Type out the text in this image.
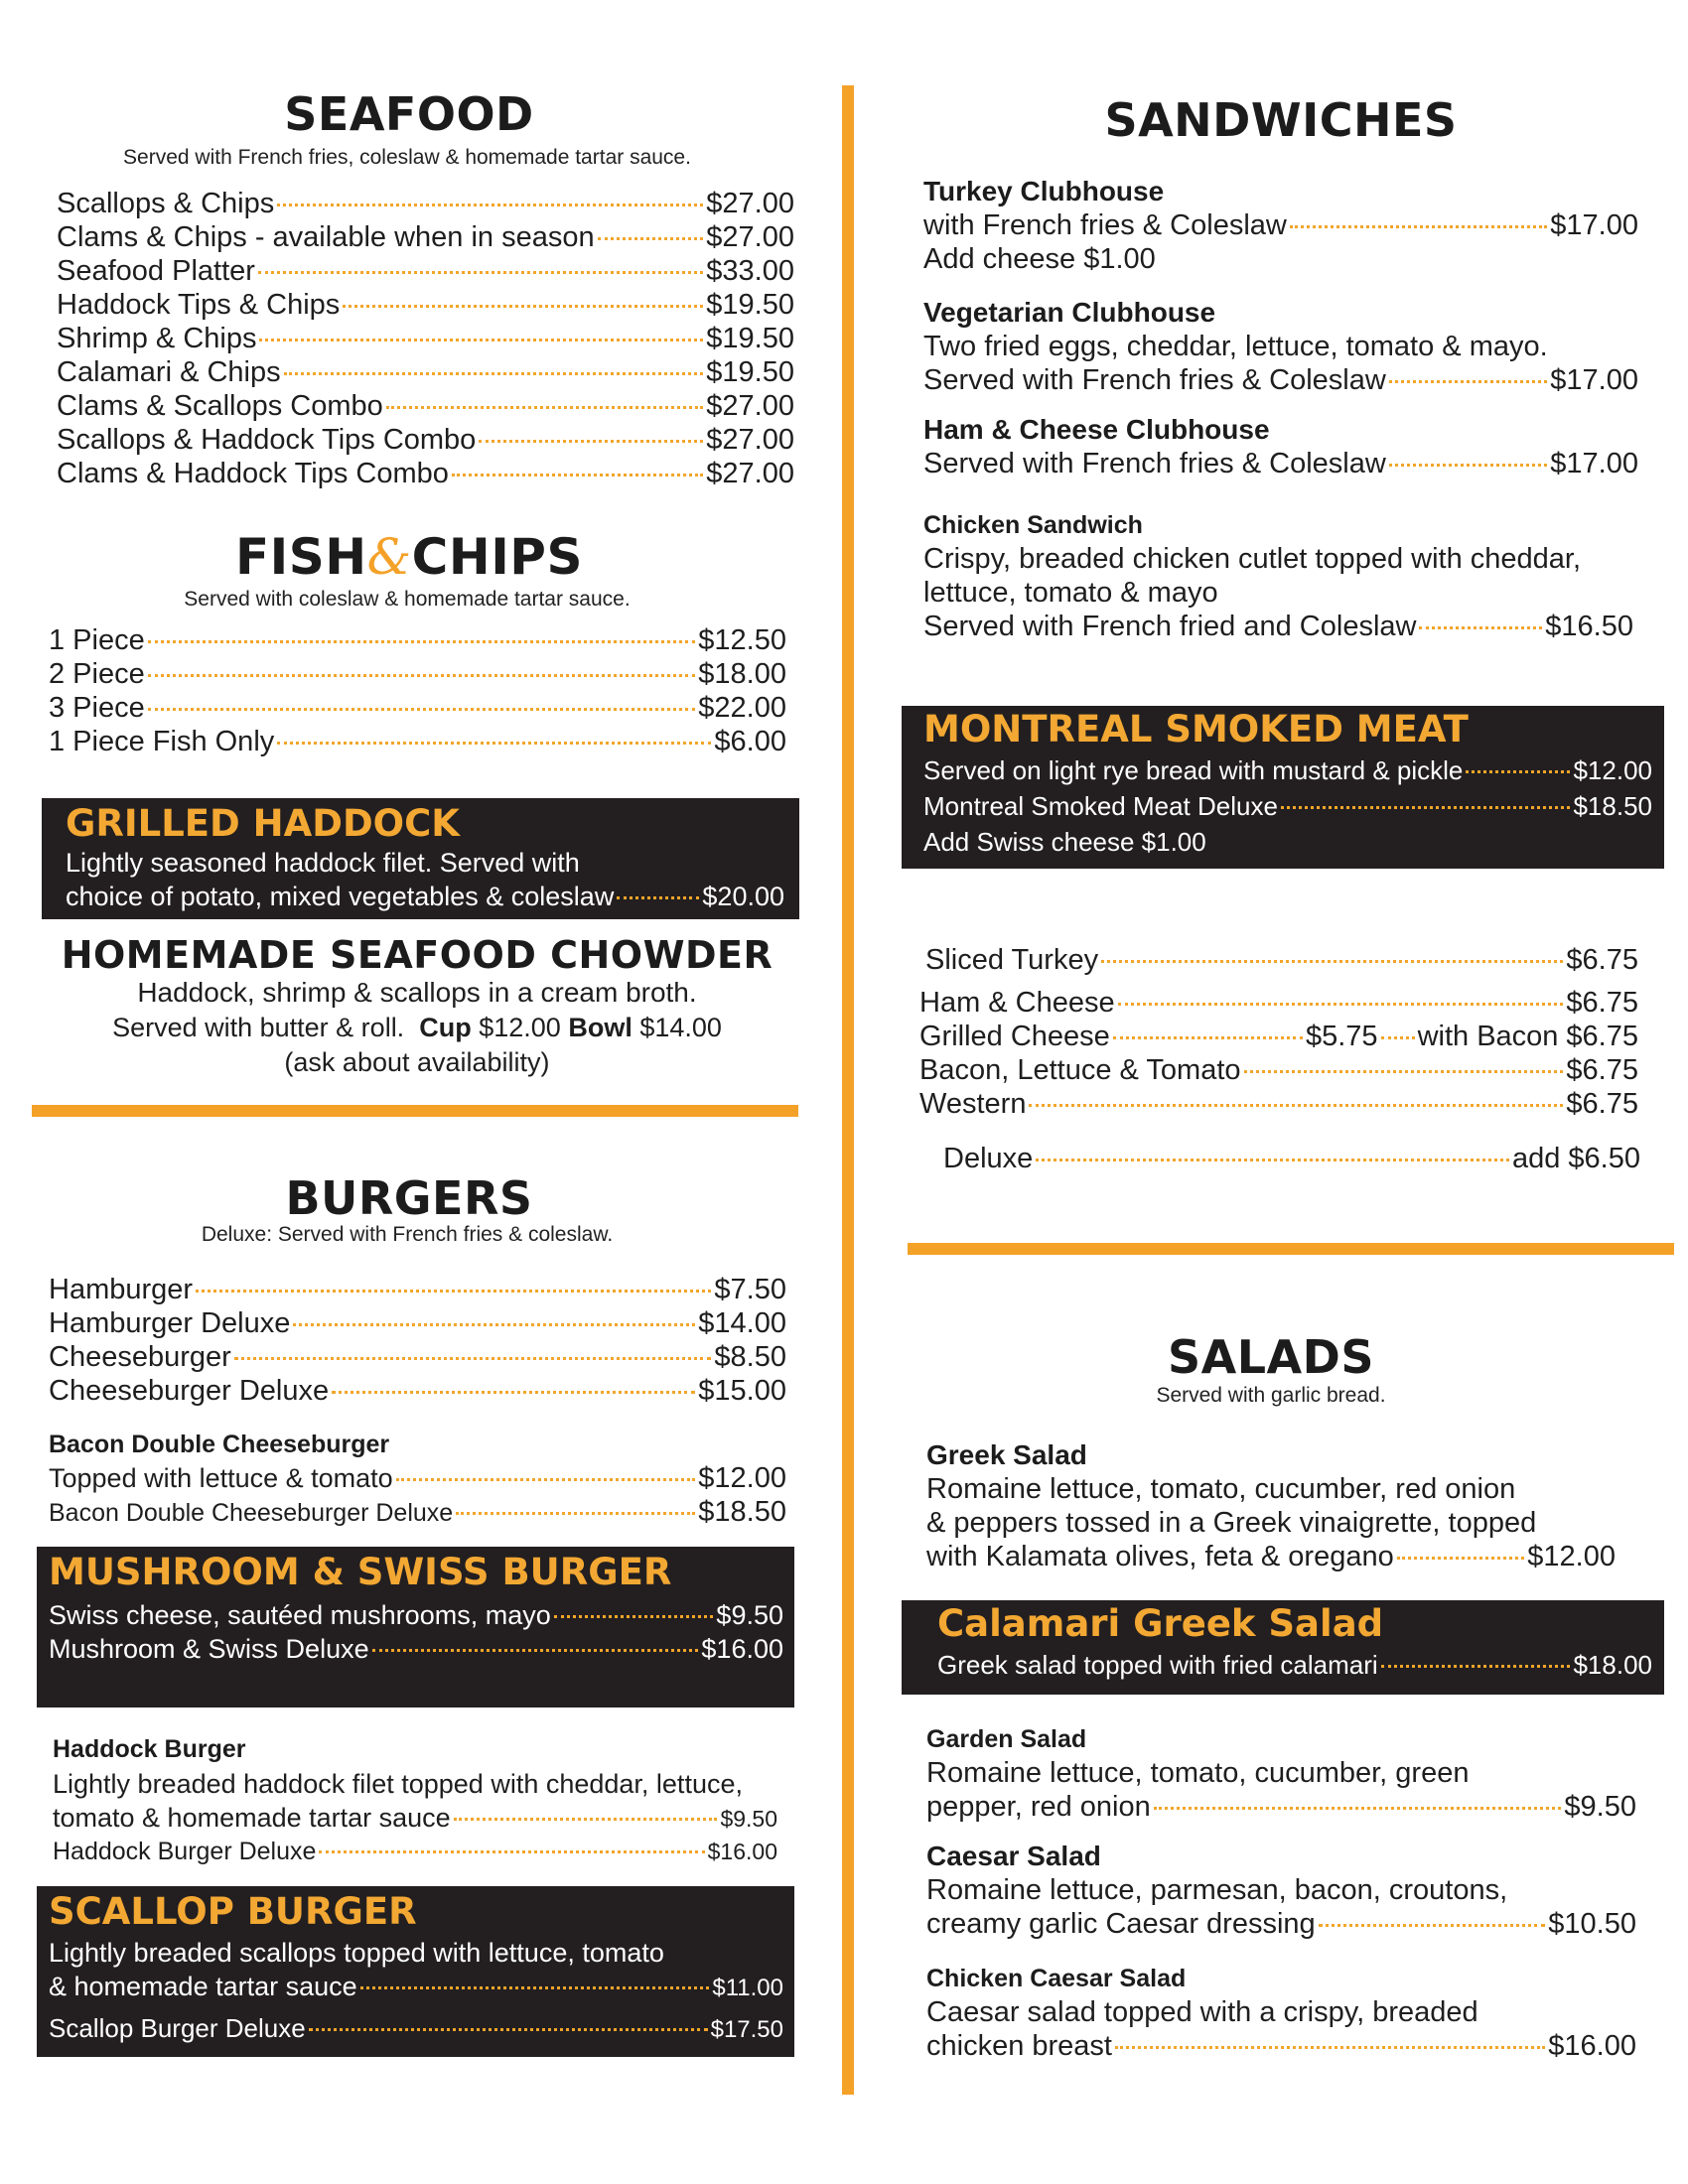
SEAFOOD
Served with French fries, coleslaw & homemade tartar sauce.
Scallops & Chips	$27.00
Clams & Chips - available when in season	$27.00
Seafood Platter	$33.00
Haddock Tips & Chips	$19.50
Shrimp & Chips	$19.50
Calamari & Chips	$19.50
Clams & Scallops Combo	$27.00
Scallops & Haddock Tips Combo	$27.00
Clams & Haddock Tips Combo	$27.00
FISH&CHIPS
Served with coleslaw & homemade tartar sauce.
1 Piece	$12.50
2 Piece	$18.00
3 Piece	$22.00
1 Piece Fish Only	$6.00
GRILLED HADDOCK
Lightly seasoned haddock filet. Served with
choice of potato, mixed vegetables & coleslaw	$20.00
HOMEMADE SEAFOOD CHOWDER
Haddock, shrimp & scallops in a cream broth.
Served with butter & roll. Cup $12.00 Bowl $14.00
(ask about availability)
BURGERS
Deluxe: Served with French fries & coleslaw.
Hamburger	$7.50
Hamburger Deluxe	$14.00
Cheeseburger	$8.50
Cheeseburger Deluxe	$15.00
Bacon Double Cheeseburger
Topped with lettuce & tomato	$12.00
Bacon Double Cheeseburger Deluxe	$18.50
MUSHROOM & SWISS BURGER
Swiss cheese, sautéed mushrooms, mayo	$9.50
Mushroom & Swiss Deluxe	$16.00
Haddock Burger
Lightly breaded haddock filet topped with cheddar, lettuce,
tomato & homemade tartar sauce	$9.50
Haddock Burger Deluxe	$16.00
SCALLOP BURGER
Lightly breaded scallops topped with lettuce, tomato
& homemade tartar sauce	$11.00
Scallop Burger Deluxe	$17.50
SANDWICHES
Turkey Clubhouse
with French fries & Coleslaw	$17.00
Add cheese $1.00
Vegetarian Clubhouse
Two fried eggs, cheddar, lettuce, tomato & mayo.
Served with French fries & Coleslaw	$17.00
Ham & Cheese Clubhouse
Served with French fries & Coleslaw	$17.00
Chicken Sandwich
Crispy, breaded chicken cutlet topped with cheddar,
lettuce, tomato & mayo
Served with French fried and Coleslaw	$16.50
MONTREAL SMOKED MEAT
Served on light rye bread with mustard & pickle	$12.00
Montreal Smoked Meat Deluxe	$18.50
Add Swiss cheese $1.00
Sliced Turkey	$6.75
Ham & Cheese	$6.75
Grilled Cheese	$5.75 with Bacon $6.75
Bacon, Lettuce & Tomato	$6.75
Western	$6.75
Deluxe	add $6.50
SALADS
Served with garlic bread.
Greek Salad
Romaine lettuce, tomato, cucumber, red onion
& peppers tossed in a Greek vinaigrette, topped
with Kalamata olives, feta & oregano	$12.00
Calamari Greek Salad
Greek salad topped with fried calamari	$18.00
Garden Salad
Romaine lettuce, tomato, cucumber, green
pepper, red onion	$9.50
Caesar Salad
Romaine lettuce, parmesan, bacon, croutons,
creamy garlic Caesar dressing	$10.50
Chicken Caesar Salad
Caesar salad topped with a crispy, breaded
chicken breast	$16.00
